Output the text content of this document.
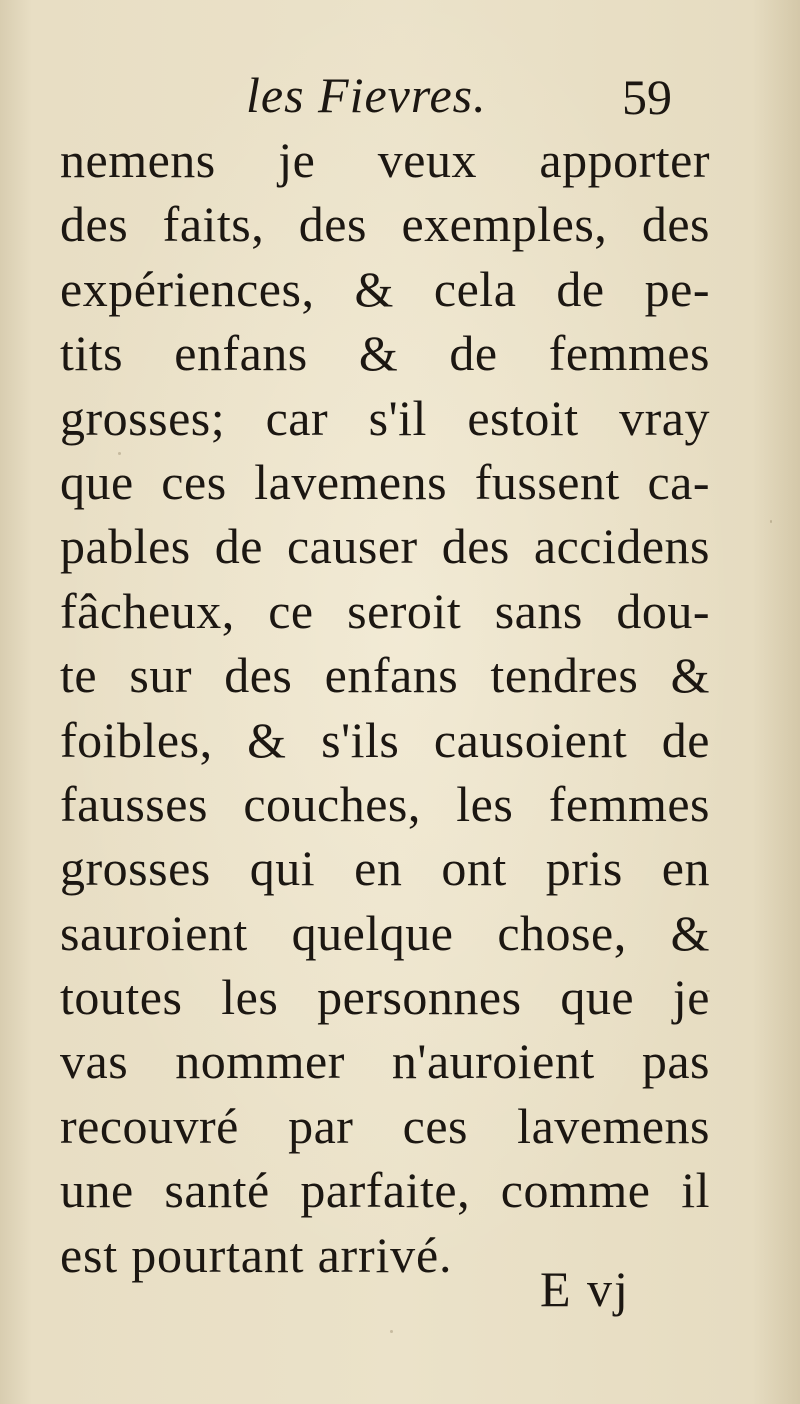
les Fievres.	59
nemens je veux apporter
des faits, des exemples, des
expériences, & cela de pe-
tits enfans & de femmes
grosses; car s'il estoit vray
que ces lavemens fussent ca-
pables de causer des accidens
fâcheux, ce seroit sans dou-
te sur des enfans tendres &
foibles, & s'ils causoient de
fausses couches, les femmes
grosses qui en ont pris en
sauroient quelque chose, &
toutes les personnes que je
vas nommer n'auroient pas
recouvré par ces lavemens
une santé parfaite, comme il
est pourtant arrivé.
E vj
